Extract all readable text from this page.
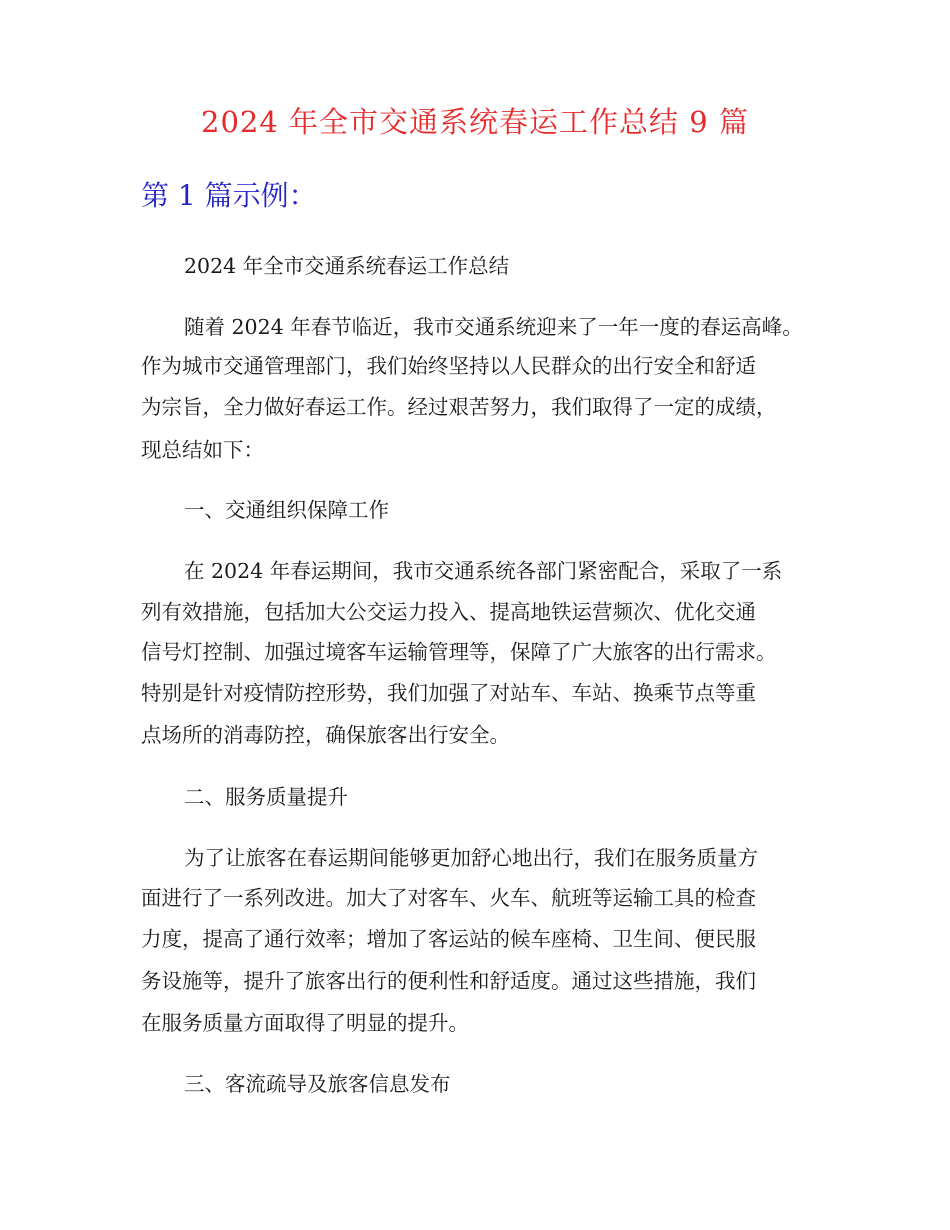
2024 年全市交通系统春运工作总结 9 篇
第 1 篇示例：
2024 年全市交通系统春运工作总结
随着 2024 年春节临近，我市交通系统迎来了一年一度的春运高峰。
作为城市交通管理部门，我们始终坚持以人民群众的出行安全和舒适
为宗旨，全力做好春运工作。经过艰苦努力，我们取得了一定的成绩，
现总结如下：
一、交通组织保障工作
在 2024 年春运期间，我市交通系统各部门紧密配合，采取了一系
列有效措施，包括加大公交运力投入、提高地铁运营频次、优化交通
信号灯控制、加强过境客车运输管理等，保障了广大旅客的出行需求。
特别是针对疫情防控形势，我们加强了对站车、车站、换乘节点等重
点场所的消毒防控，确保旅客出行安全。
二、服务质量提升
为了让旅客在春运期间能够更加舒心地出行，我们在服务质量方
面进行了一系列改进。加大了对客车、火车、航班等运输工具的检查
力度，提高了通行效率；增加了客运站的候车座椅、卫生间、便民服
务设施等，提升了旅客出行的便利性和舒适度。通过这些措施，我们
在服务质量方面取得了明显的提升。
三、客流疏导及旅客信息发布
